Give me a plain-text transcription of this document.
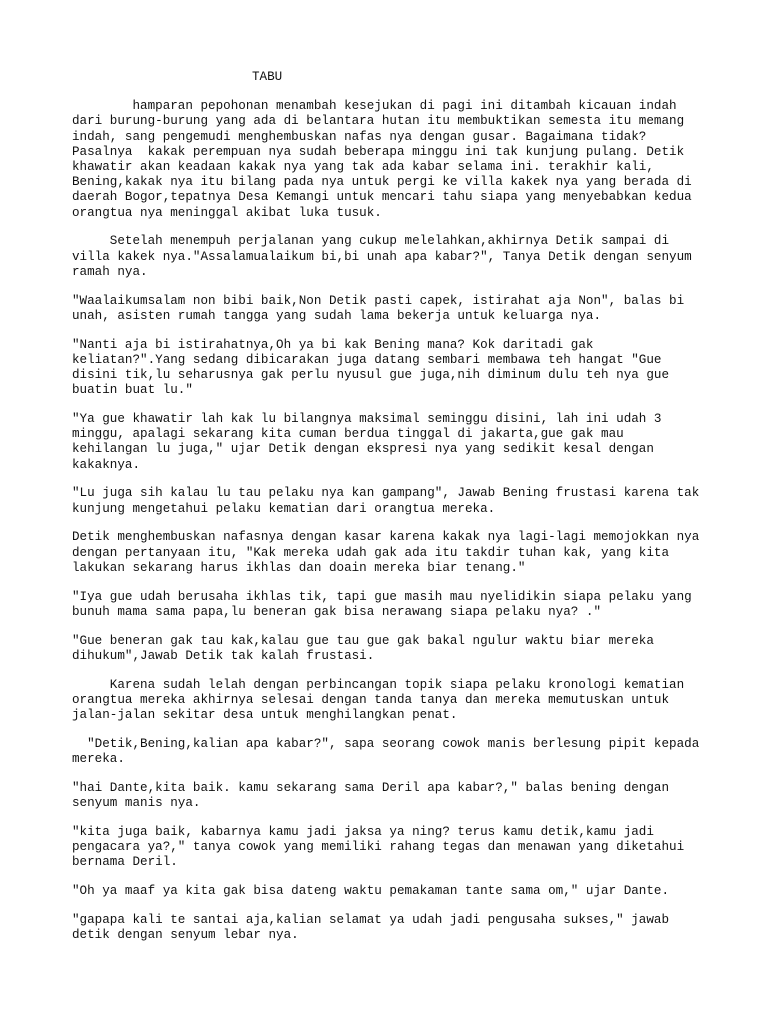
TABU
hamparan pepohonan menambah kesejukan di pagi ini ditambah kicauan indah
dari burung-burung yang ada di belantara hutan itu membuktikan semesta itu memang
indah, sang pengemudi menghembuskan nafas nya dengan gusar. Bagaimana tidak?
Pasalnya  kakak perempuan nya sudah beberapa minggu ini tak kunjung pulang. Detik
khawatir akan keadaan kakak nya yang tak ada kabar selama ini. terakhir kali,
Bening,kakak nya itu bilang pada nya untuk pergi ke villa kakek nya yang berada di
daerah Bogor,tepatnya Desa Kemangi untuk mencari tahu siapa yang menyebabkan kedua
orangtua nya meninggal akibat luka tusuk.
Setelah menempuh perjalanan yang cukup melelahkan,akhirnya Detik sampai di
villa kakek nya."Assalamualaikum bi,bi unah apa kabar?", Tanya Detik dengan senyum
ramah nya.
"Waalaikumsalam non bibi baik,Non Detik pasti capek, istirahat aja Non", balas bi
unah, asisten rumah tangga yang sudah lama bekerja untuk keluarga nya.
"Nanti aja bi istirahatnya,Oh ya bi kak Bening mana? Kok daritadi gak
keliatan?".Yang sedang dibicarakan juga datang sembari membawa teh hangat "Gue
disini tik,lu seharusnya gak perlu nyusul gue juga,nih diminum dulu teh nya gue
buatin buat lu."
"Ya gue khawatir lah kak lu bilangnya maksimal seminggu disini, lah ini udah 3
minggu, apalagi sekarang kita cuman berdua tinggal di jakarta,gue gak mau
kehilangan lu juga," ujar Detik dengan ekspresi nya yang sedikit kesal dengan
kakaknya.
"Lu juga sih kalau lu tau pelaku nya kan gampang", Jawab Bening frustasi karena tak
kunjung mengetahui pelaku kematian dari orangtua mereka.
Detik menghembuskan nafasnya dengan kasar karena kakak nya lagi-lagi memojokkan nya
dengan pertanyaan itu, "Kak mereka udah gak ada itu takdir tuhan kak, yang kita
lakukan sekarang harus ikhlas dan doain mereka biar tenang."
"Iya gue udah berusaha ikhlas tik, tapi gue masih mau nyelidikin siapa pelaku yang
bunuh mama sama papa,lu beneran gak bisa nerawang siapa pelaku nya? ."
"Gue beneran gak tau kak,kalau gue tau gue gak bakal ngulur waktu biar mereka
dihukum",Jawab Detik tak kalah frustasi.
Karena sudah lelah dengan perbincangan topik siapa pelaku kronologi kematian
orangtua mereka akhirnya selesai dengan tanda tanya dan mereka memutuskan untuk
jalan-jalan sekitar desa untuk menghilangkan penat.
"Detik,Bening,kalian apa kabar?", sapa seorang cowok manis berlesung pipit kepada
mereka.
"hai Dante,kita baik. kamu sekarang sama Deril apa kabar?," balas bening dengan
senyum manis nya.
"kita juga baik, kabarnya kamu jadi jaksa ya ning? terus kamu detik,kamu jadi
pengacara ya?," tanya cowok yang memiliki rahang tegas dan menawan yang diketahui
bernama Deril.
"Oh ya maaf ya kita gak bisa dateng waktu pemakaman tante sama om," ujar Dante.
"gapapa kali te santai aja,kalian selamat ya udah jadi pengusaha sukses," jawab
detik dengan senyum lebar nya.
